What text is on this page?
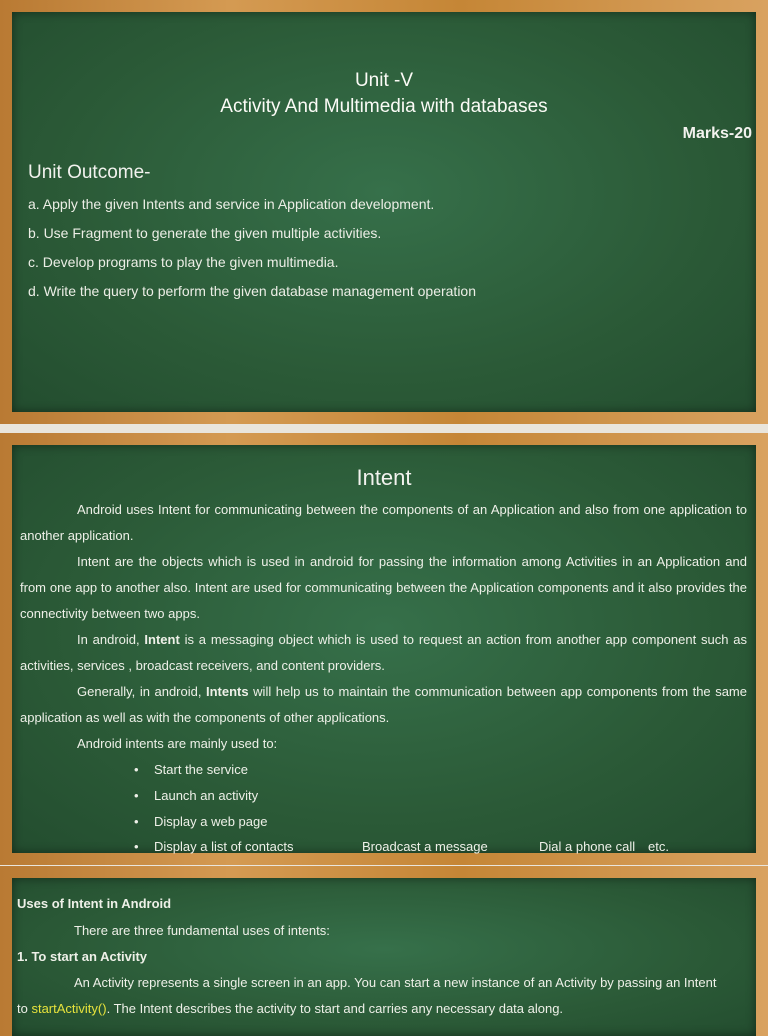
Unit -V
Activity And Multimedia with databases
Marks-20
Unit Outcome-
a. Apply the given Intents and service in Application development.
b. Use Fragment to generate the given multiple activities.
c. Develop programs to play the given multimedia.
d. Write the query to perform the given database management operation
Intent
Android uses Intent for communicating between the components of an Application and also from one application to another application.
Intent are the objects which is used in android for passing the information among Activities in an Application and from one app to another also. Intent are used for communicating between the Application components and it also provides the connectivity between two apps.
In android, Intent is a messaging object which is used to request an action from another app component such as activities, services , broadcast receivers, and content providers.
Generally, in android, Intents will help us to maintain the communication between app components from the same application as well as with the components of other applications.
Android intents are mainly used to:
• Start the service
• Launch an activity
• Display a web page
• Display a list of contacts	Broadcast a message	Dial a phone call etc.
Uses of Intent in Android
There are three fundamental uses of intents:
1. To start an Activity
An Activity represents a single screen in an app. You can start a new instance of an Activity by passing an Intent
to startActivity(). The Intent describes the activity to start and carries any necessary data along.
